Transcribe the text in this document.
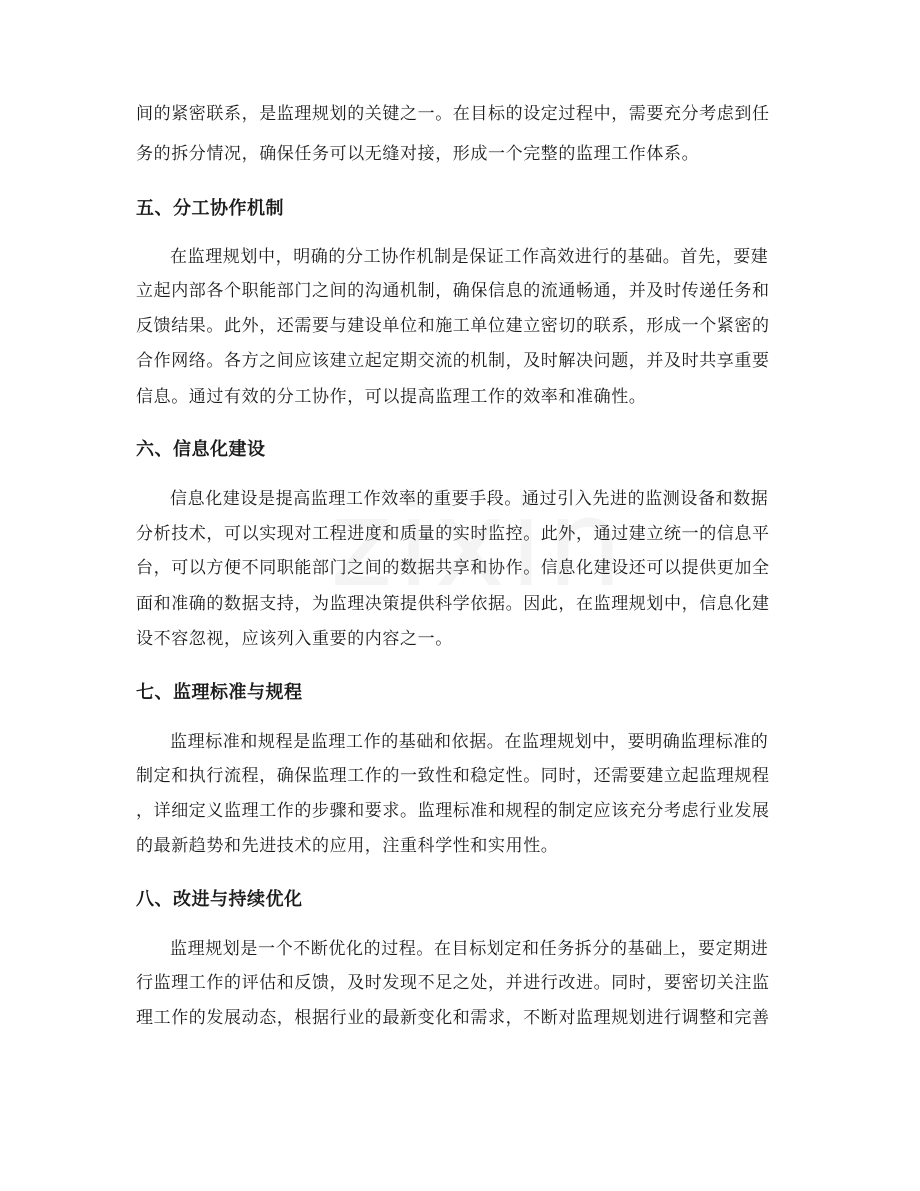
间的紧密联系，是监理规划的关键之一。在目标的设定过程中，需要充分考虑到任
务的拆分情况，确保任务可以无缝对接，形成一个完整的监理工作体系。
五、分工协作机制
在监理规划中，明确的分工协作机制是保证工作高效进行的基础。首先，要建
立起内部各个职能部门之间的沟通机制，确保信息的流通畅通，并及时传递任务和
反馈结果。此外，还需要与建设单位和施工单位建立密切的联系，形成一个紧密的
合作网络。各方之间应该建立起定期交流的机制，及时解决问题，并及时共享重要
信息。通过有效的分工协作，可以提高监理工作的效率和准确性。
六、信息化建设
信息化建设是提高监理工作效率的重要手段。通过引入先进的监测设备和数据
分析技术，可以实现对工程进度和质量的实时监控。此外，通过建立统一的信息平
台，可以方便不同职能部门之间的数据共享和协作。信息化建设还可以提供更加全
面和准确的数据支持，为监理决策提供科学依据。因此，在监理规划中，信息化建
设不容忽视，应该列入重要的内容之一。
七、监理标准与规程
监理标准和规程是监理工作的基础和依据。在监理规划中，要明确监理标准的
制定和执行流程，确保监理工作的一致性和稳定性。同时，还需要建立起监理规程
，详细定义监理工作的步骤和要求。监理标准和规程的制定应该充分考虑行业发展
的最新趋势和先进技术的应用，注重科学性和实用性。
八、改进与持续优化
监理规划是一个不断优化的过程。在目标划定和任务拆分的基础上，要定期进
行监理工作的评估和反馈，及时发现不足之处，并进行改进。同时，要密切关注监
理工作的发展动态，根据行业的最新变化和需求，不断对监理规划进行调整和完善
